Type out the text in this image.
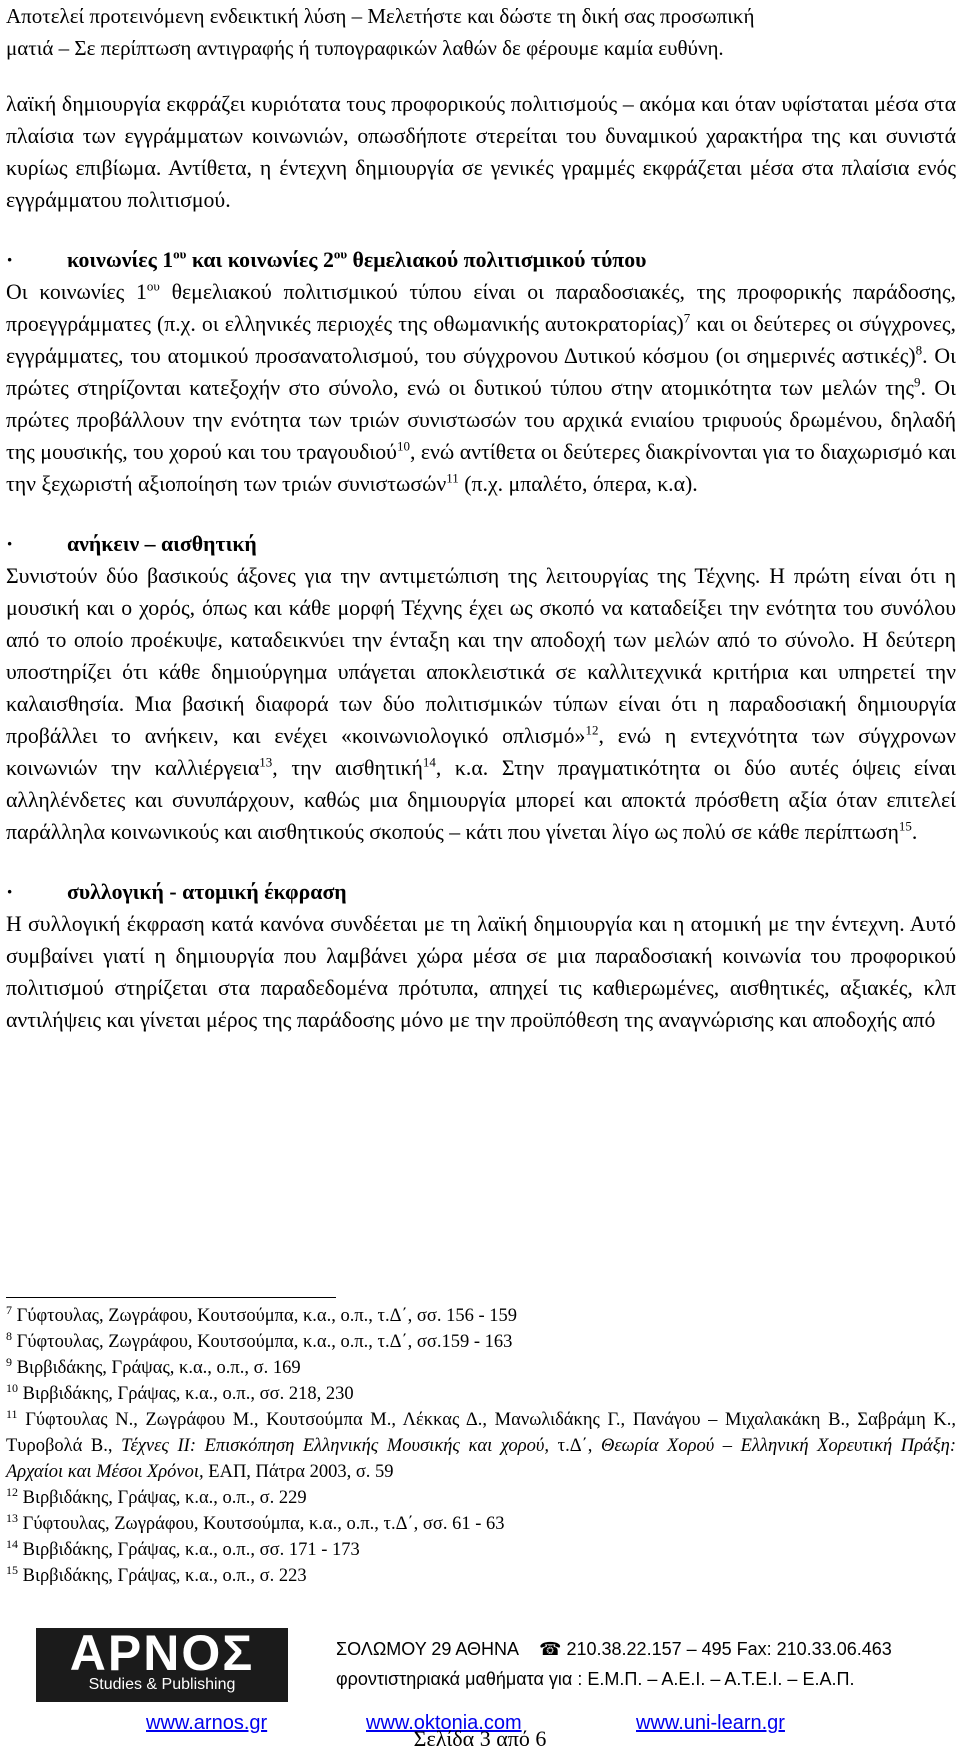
Αποτελεί προτεινόμενη ενδεικτική λύση – Μελετήστε και δώστε τη δική σας προσωπική
ματιά – Σε περίπτωση αντιγραφής ή τυπογραφικών λαθών δε φέρουμε καμία ευθύνη.

λαϊκή δημιουργία εκφράζει κυριότατα τους προφορικούς πολιτισμούς – ακόμα και όταν υφίσταται μέσα στα πλαίσια των εγγράμματων κοινωνιών, οπωσδήποτε στερείται του δυναμικού χαρακτήρα της και συνιστά κυρίως επιβίωμα. Αντίθετα, η έντεχνη δημιουργία σε γενικές γραμμές εκφράζεται μέσα στα πλαίσια ενός εγγράμματου πολιτισμού.

·	κοινωνίες $1^{o\upsilon}$ και κοινωνίες $2^{o\upsilon}$ θεμελιακού πολιτισμικού τύπου

Οι κοινωνίες $1^{o\upsilon}$ θεμελιακού πολιτισμικού τύπου είναι οι παραδοσιακές, της προφορικής παράδοσης, προεγγράμματες (π.χ. οι ελληνικές περιοχές της οθωμανικής αυτοκρατορίας)$^7$ και οι δεύτερες οι σύγχρονες, εγγράμματες, του ατομικού προσανατολισμού, του σύγχρονου Δυτικού κόσμου (οι σημερινές αστικές)$^8$. Οι πρώτες στηρίζονται κατεξοχήν στο σύνολο, ενώ οι δυτικού τύπου στην ατομικότητα των μελών της$^9$. Οι πρώτες προβάλλουν την ενότητα των τριών συνιστωσών του αρχικά ενιαίου τριφυούς δρωμένου, δηλαδή της μουσικής, του χορού και του τραγουδιού$^{10}$, ενώ αντίθετα οι δεύτερες διακρίνονται για το διαχωρισμό και την ξεχωριστή αξιοποίηση των τριών συνιστωσών$^{11}$ (π.χ. μπαλέτο, όπερα, κ.α).

·	ανήκειν – αισθητική

Συνιστούν δύο βασικούς άξονες για την αντιμετώπιση της λειτουργίας της Τέχνης. Η πρώτη είναι ότι η μουσική και ο χορός, όπως και κάθε μορφή Τέχνης έχει ως σκοπό να καταδείξει την ενότητα του συνόλου από το οποίο προέκυψε, καταδεικνύει την ένταξη και την αποδοχή των μελών από το σύνολο. Η δεύτερη υποστηρίζει ότι κάθε δημιούργημα υπάγεται αποκλειστικά σε καλλιτεχνικά κριτήρια και υπηρετεί την καλαισθησία. Μια βασική διαφορά των δύο πολιτισμικών τύπων είναι ότι η παραδοσιακή δημιουργία προβάλλει το ανήκειν, και ενέχει «κοινωνιολογικό οπλισμό»$^{12}$, ενώ η εντεχνότητα των σύγχρονων κοινωνιών την καλλιέργεια$^{13}$, την αισθητική$^{14}$, κ.α. Στην πραγματικότητα οι δύο αυτές όψεις είναι αλληλένδετες και συνυπάρχουν, καθώς μια δημιουργία μπορεί και αποκτά πρόσθετη αξία όταν επιτελεί παράλληλα κοινωνικούς και αισθητικούς σκοπούς – κάτι που γίνεται λίγο ως πολύ σε κάθε περίπτωση$^{15}$.

·	συλλογική - ατομική έκφραση

Η συλλογική έκφραση κατά κανόνα συνδέεται με τη λαϊκή δημιουργία και η ατομική με την έντεχνη. Αυτό συμβαίνει γιατί η δημιουργία που λαμβάνει χώρα μέσα σε μια παραδοσιακή κοινωνία του προφορικού πολιτισμού στηρίζεται στα παραδεδομένα πρότυπα, απηχεί τις καθιερωμένες, αισθητικές, αξιακές, κλπ αντιλήψεις και γίνεται μέρος της παράδοσης μόνο με την προϋπόθεση της αναγνώρισης και αποδοχής από

$^7$ Γύφτουλας, Ζωγράφου, Κουτσούμπα, κ.α., ο.π., τ.Δ΄, σσ. 156 - 159

$^8$ Γύφτουλας, Ζωγράφου, Κουτσούμπα, κ.α., ο.π., τ.Δ΄, σσ.159 - 163

$^9$ Βιρβιδάκης, Γράψας, κ.α., ο.π., σ. 169

$^{10}$ Βιρβιδάκης, Γράψας, κ.α., ο.π., σσ. 218, 230

$^{11}$ Γύφτουλας Ν., Ζωγράφου Μ., Κουτσούμπα Μ., Λέκκας Δ., Μανωλιδάκης Γ., Πανάγου – Μιχαλακάκη Β., Σαβράμη Κ., Τυροβολά Β., Τέχνες ΙΙ: Επισκόπηση Ελληνικής Μουσικής και χορού, τ.Δ΄, Θεωρία Χορού – Ελληνική Χορευτική Πράξη: Αρχαίοι και Μέσοι Χρόνοι, ΕΑΠ, Πάτρα 2003, σ. 59

$^{12}$ Βιρβιδάκης, Γράψας, κ.α., ο.π., σ. 229

$^{13}$ Γύφτουλας, Ζωγράφου, Κουτσούμπα, κ.α., ο.π., τ.Δ΄, σσ. 61 - 63

$^{14}$ Βιρβιδάκης, Γράψας, κ.α., ο.π., σσ. 171 - 173

$^{15}$ Βιρβιδάκης, Γράψας, κ.α., ο.π., σ. 223

ΑΡΝΟΣ
Studies & Publishing
ΣΟΛΩΜΟΥ 29 ΑΘΗΝΑ ☎ 210.38.22.157 – 495 Fax: 210.33.06.463
φροντιστηριακά μαθήματα για : Ε.Μ.Π. – Α.Ε.Ι. – Α.Τ.Ε.Ι. – Ε.Α.Π.
www.arnos.gr	www.oktonia.com	www.uni-learn.gr
Σελίδα 3 από 6
